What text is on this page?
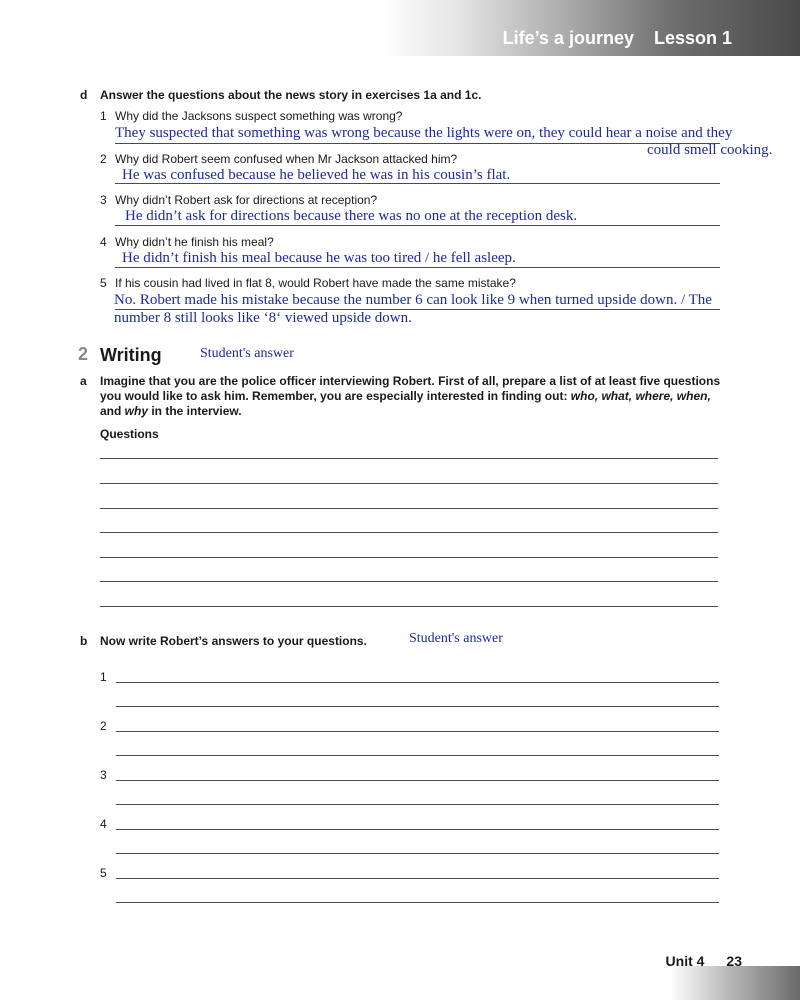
Life’s a journey Lesson 1
d Answer the questions about the news story in exercises 1a and 1c.
1 Why did the Jacksons suspect something was wrong?
They suspected that something was wrong because the lights were on, they could hear a noise and they
could smell cooking.
2 Why did Robert seem confused when Mr Jackson attacked him?
He was confused because he believed he was in his cousin’s flat.
3 Why didn’t Robert ask for directions at reception?
He didn’t ask for directions because there was no one at the reception desk.
4 Why didn’t he finish his meal?
He didn’t finish his meal because he was too tired / he fell asleep.
5 If his cousin had lived in flat 8, would Robert have made the same mistake?
No. Robert made his mistake because the number 6 can look like 9 when turned upside down. / The
number 8 still looks like ‘8‘ viewed upside down.
2 Writing	Student's answer
a Imagine that you are the police officer interviewing Robert. First of all, prepare a list of at least five questions
you would like to ask him. Remember, you are especially interested in finding out: who, what, where, when,
and why in the interview.
Questions
b Now write Robert’s answers to your questions.	Student's answer
1
2
3
4
5
Unit 4 23
